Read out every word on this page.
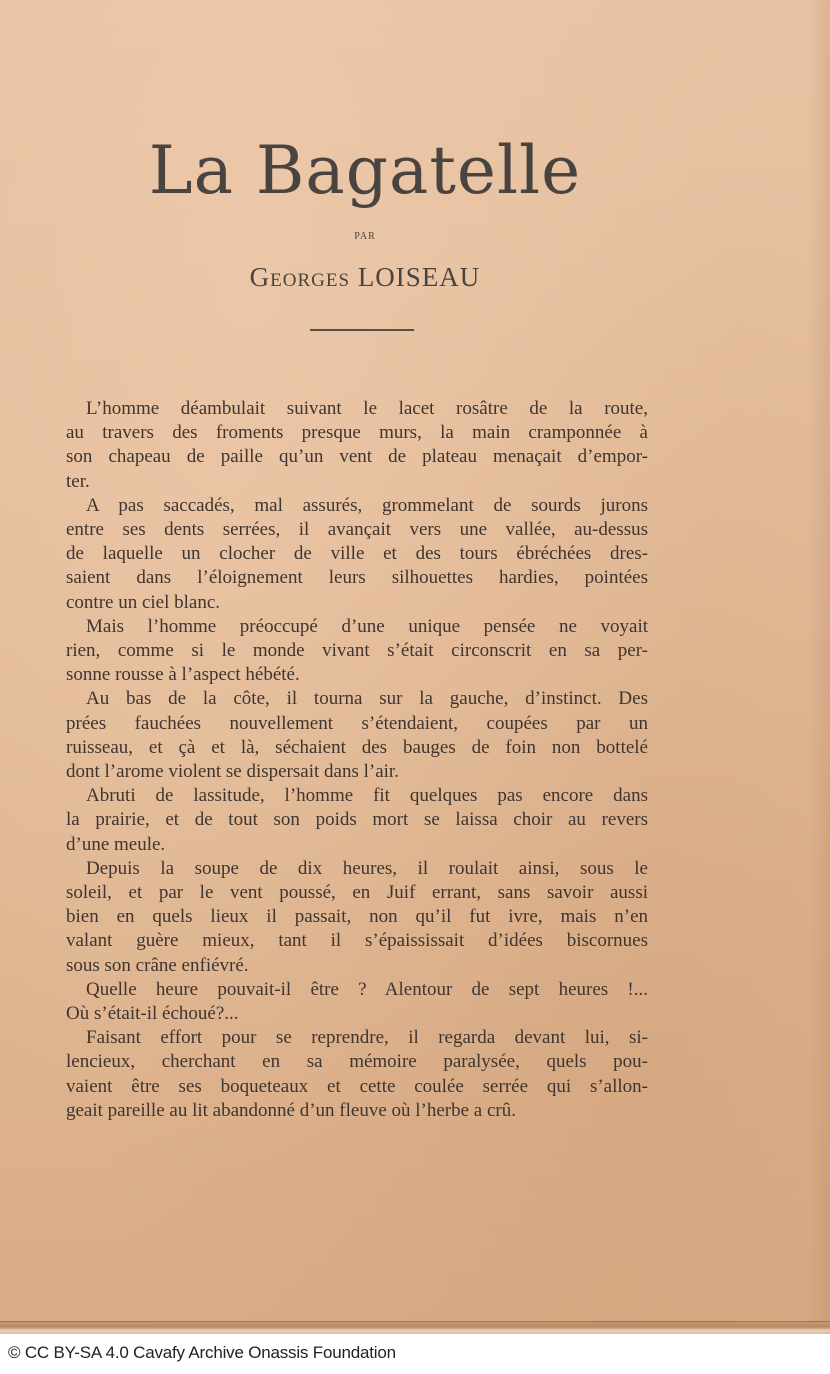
La Bagatelle
PAR
Georges LOISEAU
L’homme déambulait suivant le lacet rosâtre de la route,
au travers des froments presque murs, la main cramponnée à
son chapeau de paille qu’un vent de plateau menaçait d’empor-
ter.
A pas saccadés, mal assurés, grommelant de sourds jurons
entre ses dents serrées, il avançait vers une vallée, au-dessus
de laquelle un clocher de ville et des tours ébréchées dres-
saient dans l’éloignement leurs silhouettes hardies, pointées
contre un ciel blanc.
Mais l’homme préoccupé d’une unique pensée ne voyait
rien, comme si le monde vivant s’était circonscrit en sa per-
sonne rousse à l’aspect hébété.
Au bas de la côte, il tourna sur la gauche, d’instinct. Des
prées fauchées nouvellement s’étendaient, coupées par un
ruisseau, et çà et là, séchaient des bauges de foin non bottelé
dont l’arome violent se dispersait dans l’air.
Abruti de lassitude, l’homme fit quelques pas encore dans
la prairie, et de tout son poids mort se laissa choir au revers
d’une meule.
Depuis la soupe de dix heures, il roulait ainsi, sous le
soleil, et par le vent poussé, en Juif errant, sans savoir aussi
bien en quels lieux il passait, non qu’il fut ivre, mais n’en
valant guère mieux, tant il s’épaississait d’idées biscornues
sous son crâne enfiévré.
Quelle heure pouvait-il être ? Alentour de sept heures !...
Où s’était-il échoué?...
Faisant effort pour se reprendre, il regarda devant lui, si-
lencieux, cherchant en sa mémoire paralysée, quels pou-
vaient être ses boqueteaux et cette coulée serrée qui s’allon-
geait pareille au lit abandonné d’un fleuve où l’herbe a crû.
© CC BY-SA 4.0 Cavafy Archive Onassis Foundation
